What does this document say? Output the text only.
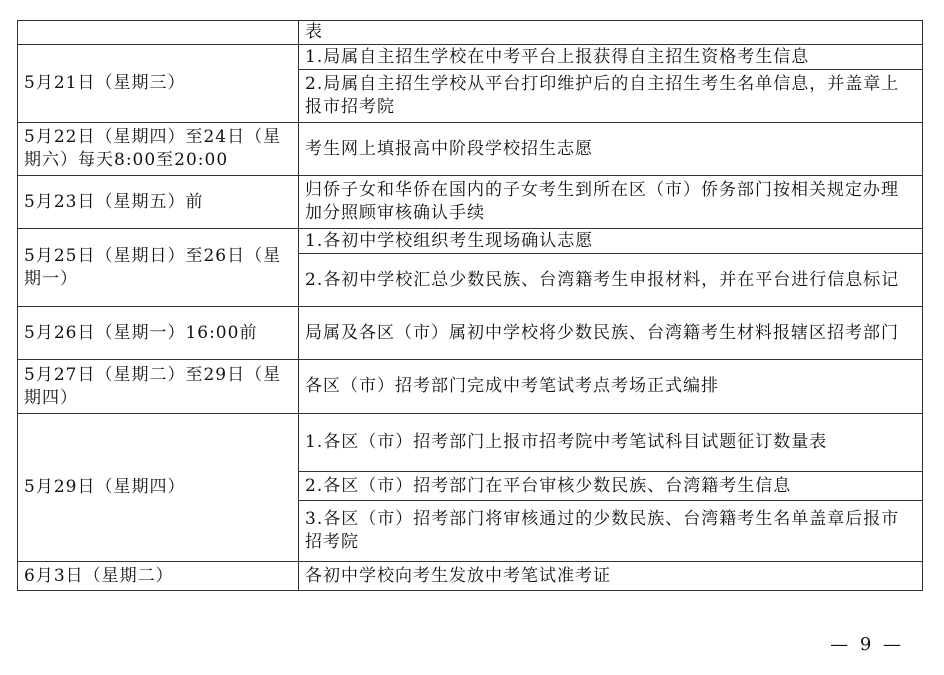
	表
5月21日（星期三）	1.局属自主招生学校在中考平台上报获得自主招生资格考生信息
	2.局属自主招生学校从平台打印维护后的自主招生考生名单信息，并盖章上报市招考院
5月22日（星期四）至24日（星期六）每天8:00至20:00	考生网上填报高中阶段学校招生志愿
5月23日（星期五）前	归侨子女和华侨在国内的子女考生到所在区（市）侨务部门按相关规定办理加分照顾审核确认手续
5月25日（星期日）至26日（星期一）	1.各初中学校组织考生现场确认志愿
	2.各初中学校汇总少数民族、台湾籍考生申报材料，并在平台进行信息标记
5月26日（星期一）16:00前	局属及各区（市）属初中学校将少数民族、台湾籍考生材料报辖区招考部门
5月27日（星期二）至29日（星期四）	各区（市）招考部门完成中考笔试考点考场正式编排
5月29日（星期四）	1.各区（市）招考部门上报市招考院中考笔试科目试题征订数量表
	2.各区（市）招考部门在平台审核少数民族、台湾籍考生信息
	3.各区（市）招考部门将审核通过的少数民族、台湾籍考生名单盖章后报市招考院
6月3日（星期二）	各初中学校向考生发放中考笔试准考证
— 9 —
